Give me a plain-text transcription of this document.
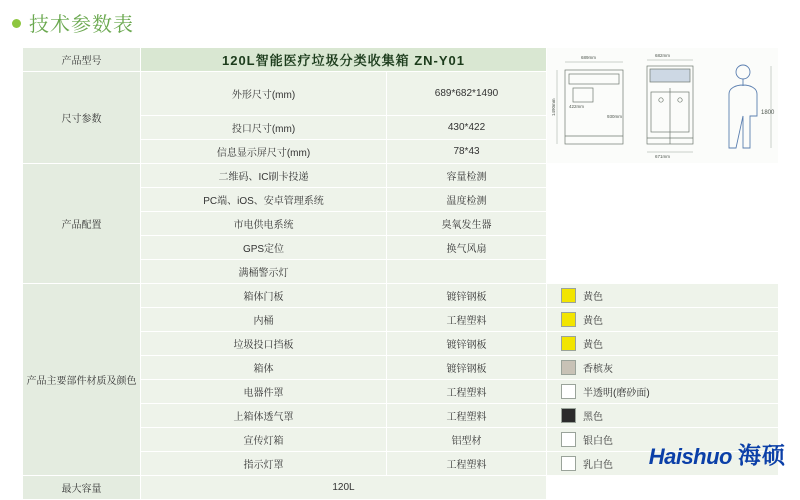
技术参数表
产品型号	120L智能医疗垃圾分类收集箱 ZN-Y01	689mm	682mm
1490mm
930mm
422mm
671mm
1800

尺寸参数	外形尺寸(mm)	689*682*1490	
	投口尺寸(mm)	430*422	
	信息显示屏尺寸(mm)	78*43	
产品配置	二维码、IC刷卡投递	容量检测	
	PC端、iOS、安卓管理系统	温度检测	
	市电供电系统	臭氧发生器	
	GPS定位	换气风扇	
	满桶警示灯		
产品主要部件材质及颜色	箱体门板	镀锌钢板	黄色

	内桶	工程塑料	黄色

	垃圾投口挡板	镀锌钢板	黄色

	箱体	镀锌钢板	香槟灰

	电器件罩	工程塑料	半透明(磨砂面)

	上箱体透气罩	工程塑料	黑色

	宣传灯箱	铝型材	银白色

	指示灯罩	工程塑料	乳白色

最大容量	120L		
Haishuo 海硕
